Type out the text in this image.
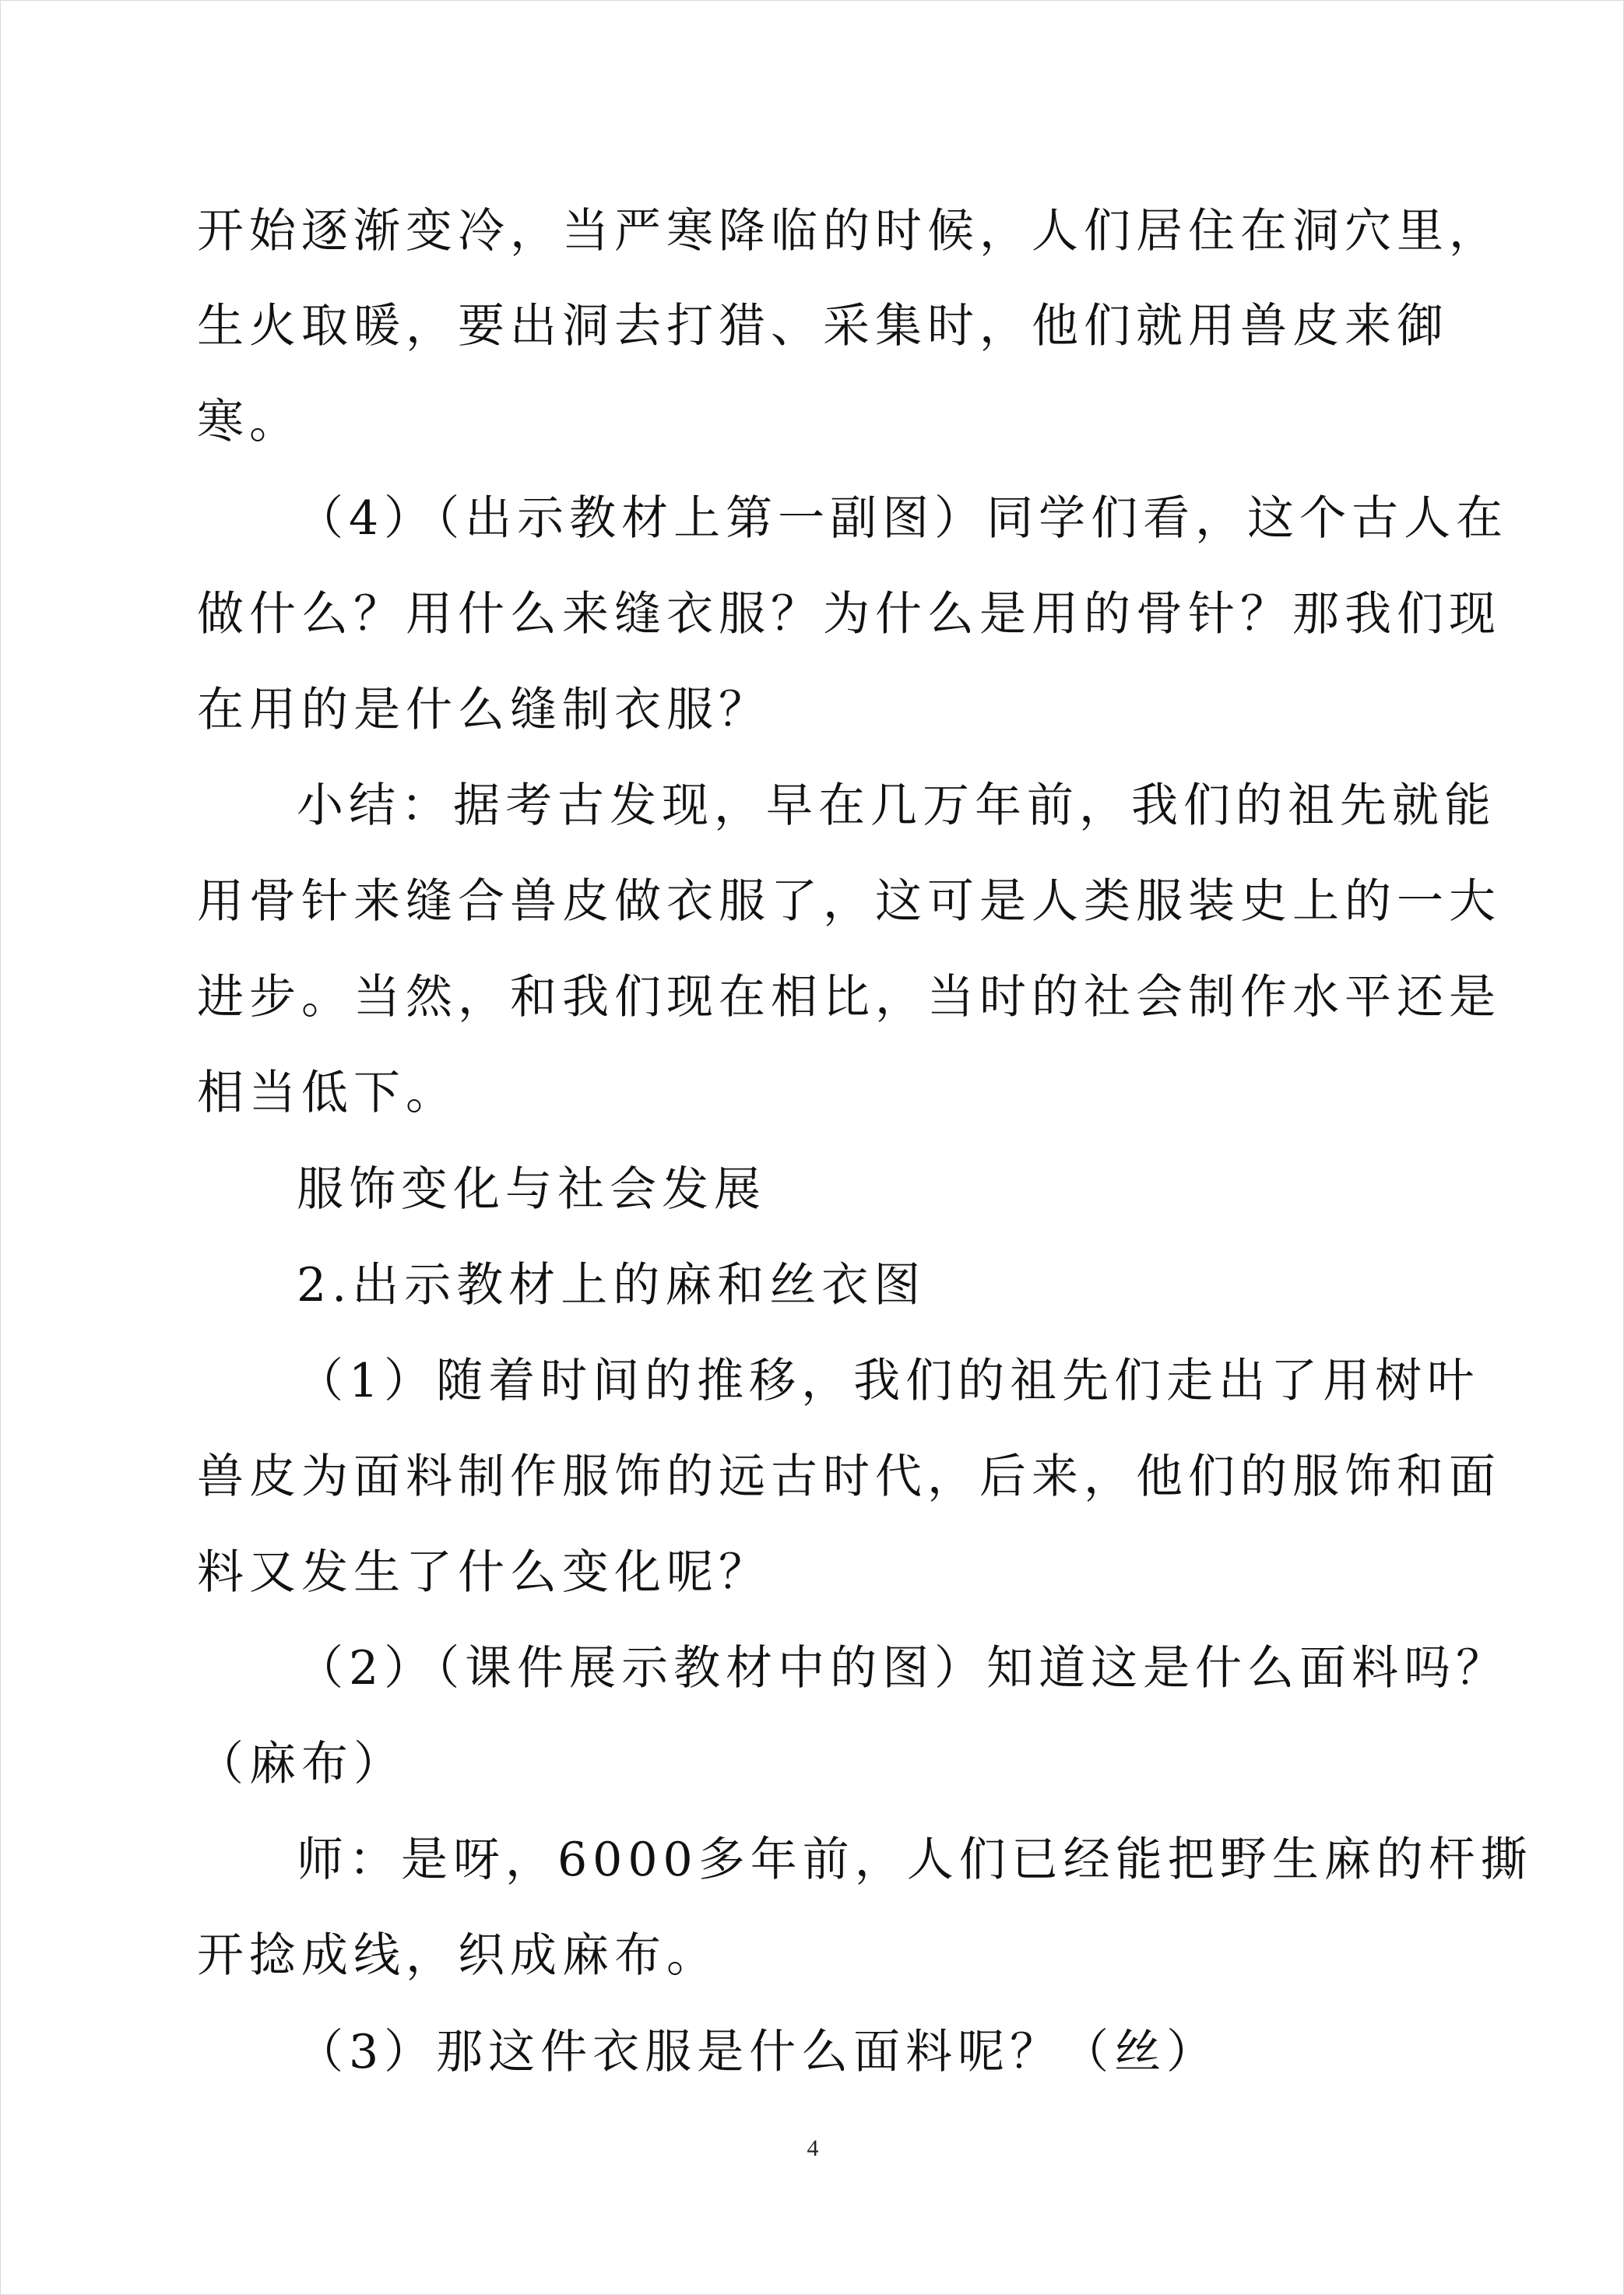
开始逐渐变冷，当严寒降临的时候，人们居住在洞穴里，
生火取暖，要出洞去打猎、采集时，他们就用兽皮来御
寒。
（4）（出示教材上第一副图）同学们看，这个古人在
做什么？用什么来缝衣服？为什么是用的骨针？那我们现
在用的是什么缝制衣服？
小结：据考古发现，早在几万年前，我们的祖先就能
用骨针来缝合兽皮做衣服了，这可是人类服装史上的一大
进步。当然，和我们现在相比，当时的社会制作水平还是
相当低下。
服饰变化与社会发展
2.出示教材上的麻和丝衣图
（1）随着时间的推移，我们的祖先们走出了用树叶
兽皮为面料制作服饰的远古时代，后来，他们的服饰和面
料又发生了什么变化呢？
（2）（课件展示教材中的图）知道这是什么面料吗？
（麻布）
师：是呀，6000多年前，人们已经能把野生麻的杆撕
开捻成线，织成麻布。
（3）那这件衣服是什么面料呢？（丝）
4
